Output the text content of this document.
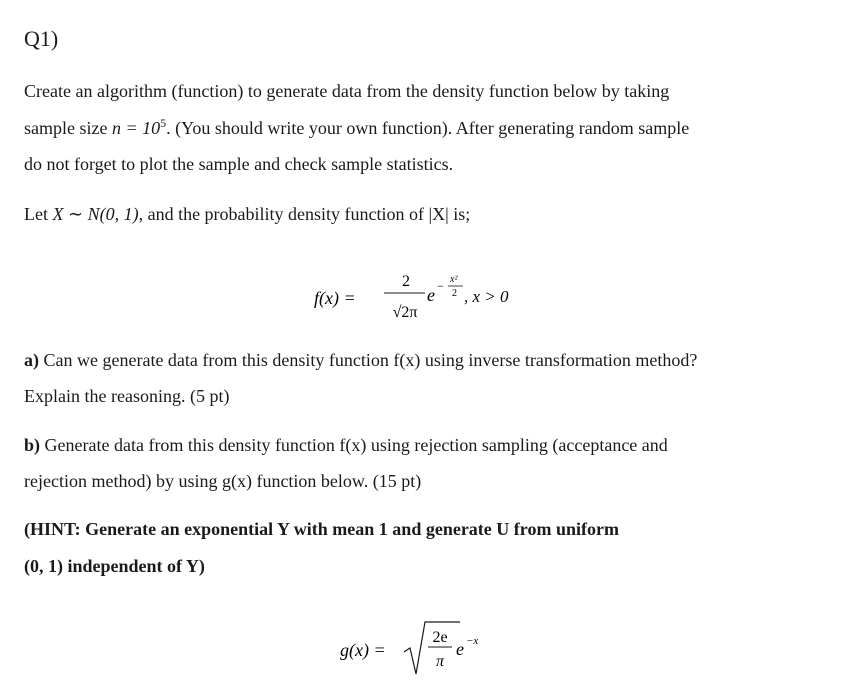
Q1)
Create an algorithm (function) to generate data from the density function below by taking
sample size $n = 10^5$. (You should write your own function). After generating random sample
do not forget to plot the sample and check sample statistics.
Let X ∼ N(0, 1), and the probability density function of |X| is;
f(x) =
2
√2π
e − x²
2 , x > 0
a) Can we generate data from this density function f(x) using inverse transformation method?
Explain the reasoning. (5 pt)
b) Generate data from this density function f(x) using rejection sampling (acceptance and
rejection method) by using g(x) function below. (15 pt)
(HINT: Generate an exponential Y with mean 1 and generate U from uniform
(0, 1) independent of Y)
g(x) =
2e
π
e −x
